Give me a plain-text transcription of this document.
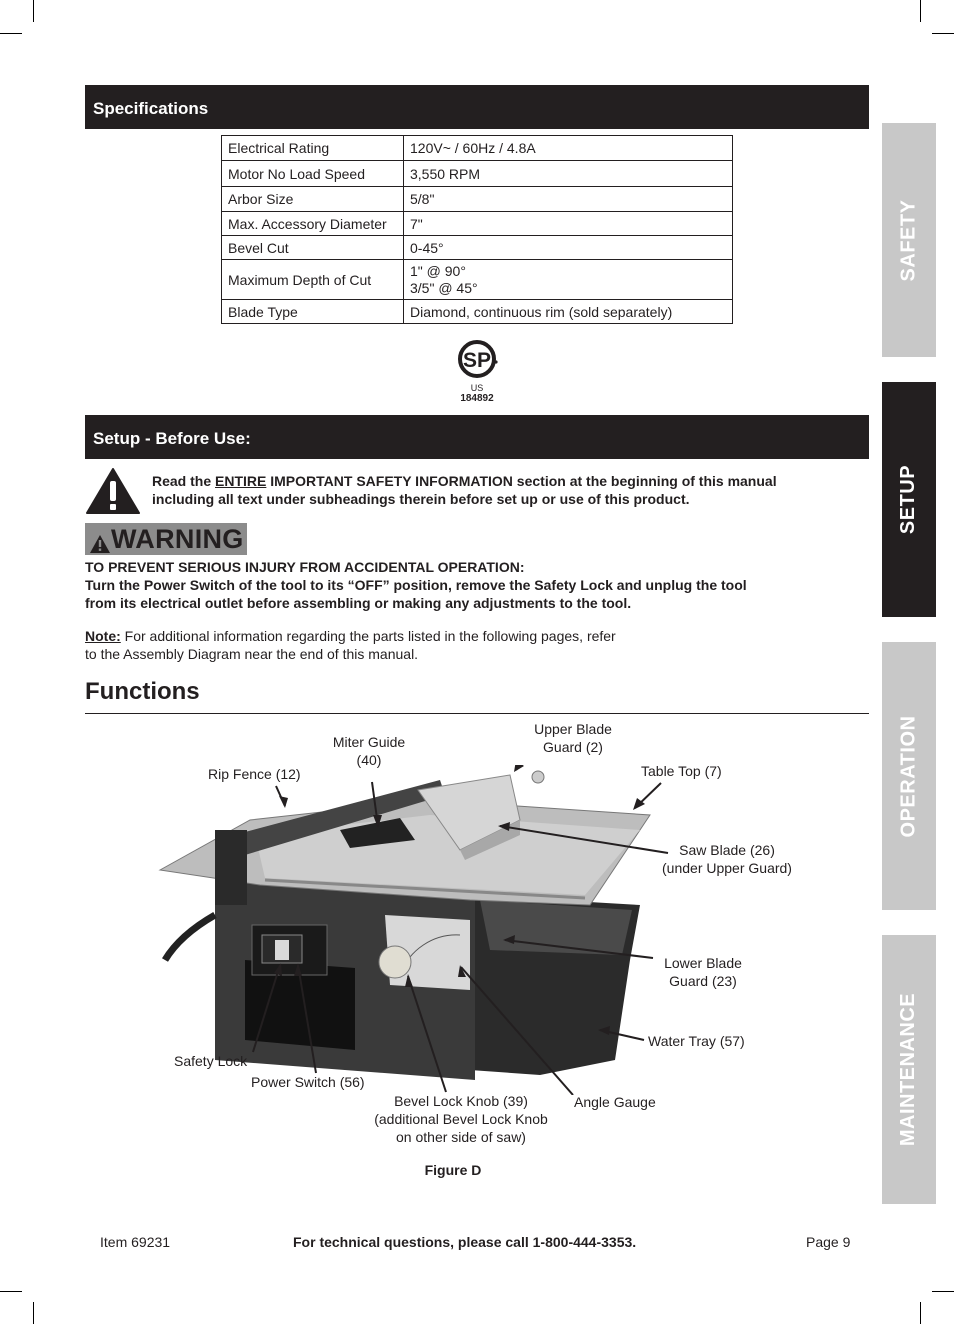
Specifications
Electrical Rating	120V~ / 60Hz / 4.8A
Motor No Load Speed	3,550 RPM
Arbor Size	5/8"
Max. Accessory Diameter	7"
Bevel Cut	0-45°
Maximum Depth of Cut	1" @ 90°
3/5" @ 45°

Blade Type	Diamond, continuous rim (sold separately)
SP
US
184892
Setup - Before Use:
Read the ENTIRE IMPORTANT SAFETY INFORMATION section at the beginning of this manual including all text under subheadings therein before set up or use of this product.
WARNING
TO PREVENT SERIOUS INJURY FROM ACCIDENTAL OPERATION:
Turn the Power Switch of the tool to its “OFF” position, remove the Safety Lock and unplug the tool from its electrical outlet before assembling or making any adjustments to the tool.
Note: For additional information regarding the parts listed in the following pages, refer to the Assembly Diagram near the end of this manual.
Functions
Rip Fence (12)
Miter Guide
(40)
Upper Blade
Guard (2)
Table Top (7)
Saw Blade (26)
(under Upper Guard)
Lower Blade
Guard (23)
Water Tray (57)
Safety Lock
Power Switch (56)
Bevel Lock Knob (39)
(additional Bevel Lock Knob
on other side of saw)
Angle Gauge
Figure D
Item 69231	For technical questions, please call 1-800-444-3353.	Page 9
SAFETY
SETUP
OPERATION
MAINTENANCE
